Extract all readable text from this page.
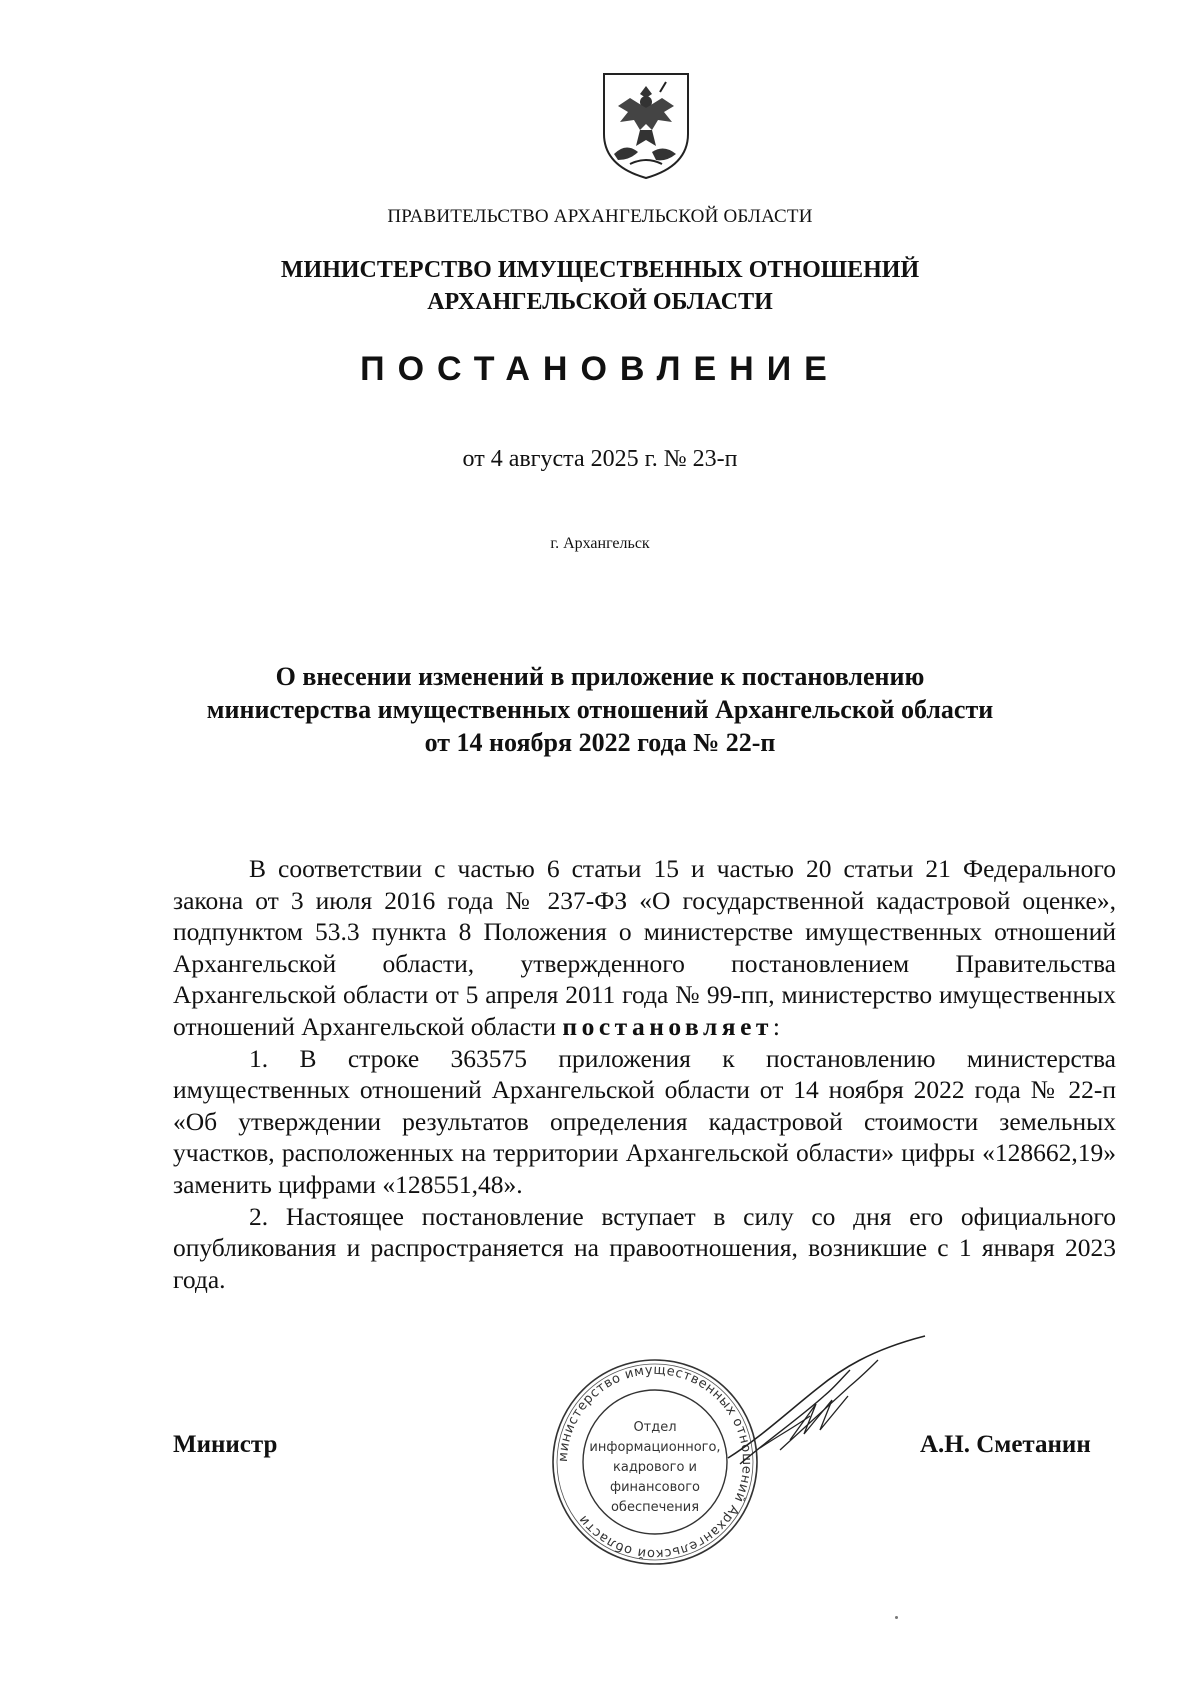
ПРАВИТЕЛЬСТВО АРХАНГЕЛЬСКОЙ ОБЛАСТИ
МИНИСТЕРСТВО ИМУЩЕСТВЕННЫХ ОТНОШЕНИЙ
АРХАНГЕЛЬСКОЙ ОБЛАСТИ
ПОСТАНОВЛЕНИЕ
от 4 августа 2025 г. № 23-п
г. Архангельск
О внесении изменений в приложение к постановлению
министерства имущественных отношений Архангельской области
от 14 ноября 2022 года № 22-п

В соответствии с частью 6 статьи 15 и частью 20 статьи 21 Федерального закона от 3 июля 2016 года № 237-ФЗ «О государственной кадастровой оценке», подпунктом 53.3 пункта 8 Положения о министерстве имущественных отношений Архангельской области, утвержденного постановлением Правительства Архангельской области от 5 апреля 2011 года № 99-пп, министерство имущественных отношений Архангельской области постановляет:

1. В строке 363575 приложения к постановлению министерства имущественных отношений Архангельской области от 14 ноября 2022 года № 22-п «Об утверждении результатов определения кадастровой стоимости земельных участков, расположенных на территории Архангельской области» цифры «128662,19» заменить цифрами «128551,48».

2. Настоящее постановление вступает в силу со дня его официального опубликования и распространяется на правоотношения, возникшие с 1 января 2023 года.

Министр	министерство имущественных отношений Архангельской области
Отдел
информационного,
кадрового и
финансового
обеспечения
А.Н. Сметанин
